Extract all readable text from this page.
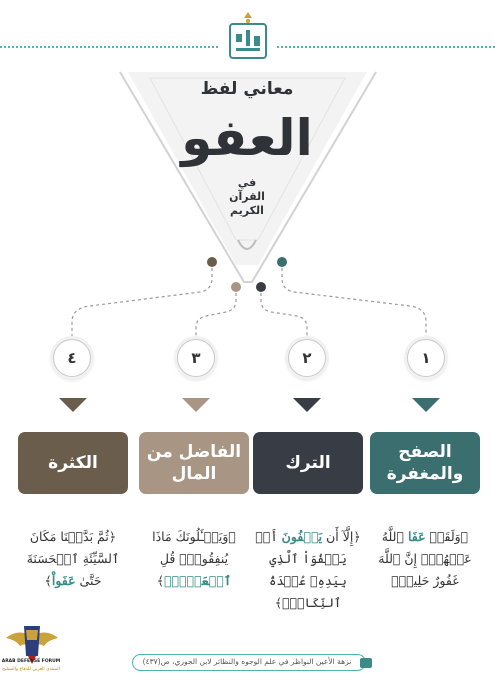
معاني لفظ
العفو
في
القرآن
الكريم
٤	٣	٢	١
الكثرة
الفاضل من المال
الترك
الصفح والمغفرة
﴿ثُمَّ بَدَّلۡنَا مَكَانَ ٱلسَّيِّئَةِ ٱلۡحَسَنَةَ حَتَّىٰ عَفَواْ﴾
﴿وَيَسۡـَٔلُونَكَ مَاذَا يُنفِقُونَۖ قُلِ ٱلۡعَفۡوَۗ﴾
﴿إِلَّآ أَن يَعۡفُونَ أَوۡ يَعۡفُوَاْ ٱلَّذِي بِيَدِهِۦ عُقۡدَةُ ٱلنِّكَاحِۚ﴾
﴿وَلَقَدۡ عَفَا ٱللَّهُ عَنۡهُمۡۗ إِنَّ ٱللَّهَ غَفُورٌ حَلِيمٞ﴾
نزهة الأعين النواظر في علم الوجوه والنظائر لابن الجوزي، ص(٤٣٧)
ARAB DEFENSE FORUM
المنتدى العربي للدفاع والتسليح
